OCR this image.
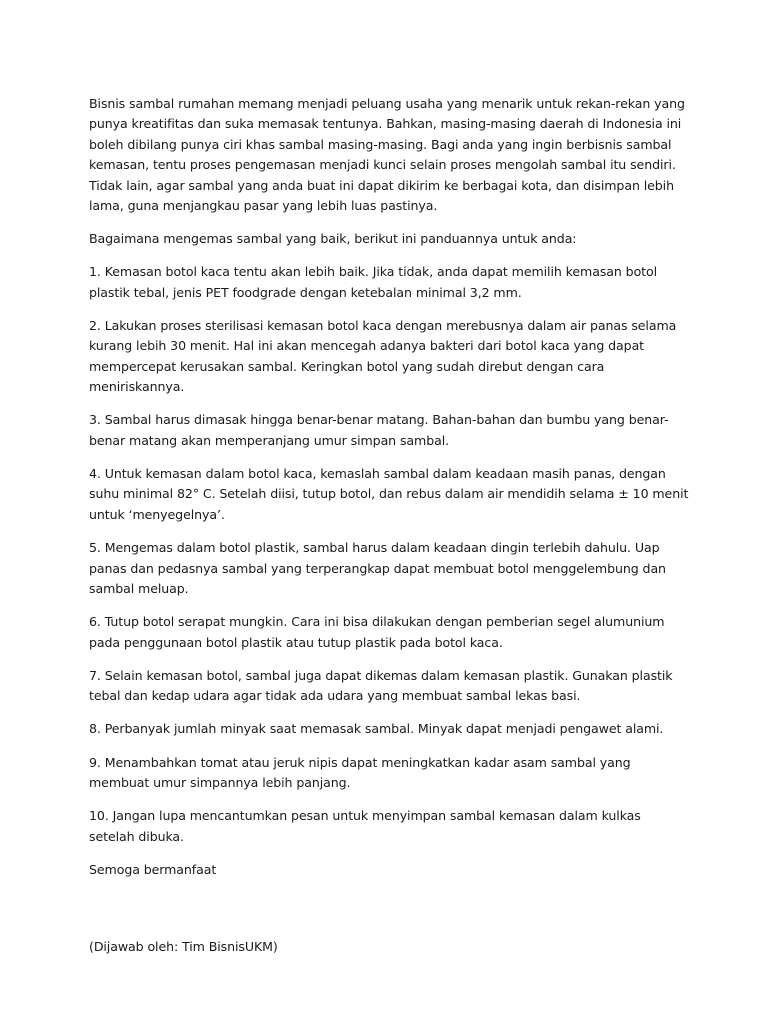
Bisnis sambal rumahan memang menjadi peluang usaha yang menarik untuk rekan-rekan yang punya kreatifitas dan suka memasak tentunya. Bahkan, masing-masing daerah di Indonesia ini boleh dibilang punya ciri khas sambal masing-masing. Bagi anda yang ingin berbisnis sambal kemasan, tentu proses pengemasan menjadi kunci selain proses mengolah sambal itu sendiri. Tidak lain, agar sambal yang anda buat ini dapat dikirim ke berbagai kota, dan disimpan lebih lama, guna menjangkau pasar yang lebih luas pastinya.

Bagaimana mengemas sambal yang baik, berikut ini panduannya untuk anda:

1. Kemasan botol kaca tentu akan lebih baik. Jika tidak, anda dapat memilih kemasan botol plastik tebal, jenis PET foodgrade dengan ketebalan minimal 3,2 mm.

2. Lakukan proses sterilisasi kemasan botol kaca dengan merebusnya dalam air panas selama kurang lebih 30 menit. Hal ini akan mencegah adanya bakteri dari botol kaca yang dapat mempercepat kerusakan sambal. Keringkan botol yang sudah direbut dengan cara meniriskannya.

3. Sambal harus dimasak hingga benar-benar matang. Bahan-bahan dan bumbu yang benar-benar matang akan memperanjang umur simpan sambal.

4. Untuk kemasan dalam botol kaca, kemaslah sambal dalam keadaan masih panas, dengan suhu minimal 82° C. Setelah diisi, tutup botol, dan rebus dalam air mendidih selama ± 10 menit untuk ‘menyegelnya’.

5. Mengemas dalam botol plastik, sambal harus dalam keadaan dingin terlebih dahulu. Uap panas dan pedasnya sambal yang terperangkap dapat membuat botol menggelembung dan sambal meluap.

6. Tutup botol serapat mungkin. Cara ini bisa dilakukan dengan pemberian segel alumunium pada penggunaan botol plastik atau tutup plastik pada botol kaca.

7. Selain kemasan botol, sambal juga dapat dikemas dalam kemasan plastik. Gunakan plastik tebal dan kedap udara agar tidak ada udara yang membuat sambal lekas basi.

8. Perbanyak jumlah minyak saat memasak sambal. Minyak dapat menjadi pengawet alami.

9. Menambahkan tomat atau jeruk nipis dapat meningkatkan kadar asam sambal yang membuat umur simpannya lebih panjang.

10. Jangan lupa mencantumkan pesan untuk menyimpan sambal kemasan dalam kulkas setelah dibuka.

Semoga bermanfaat

(Dijawab oleh: Tim BisnisUKM)
